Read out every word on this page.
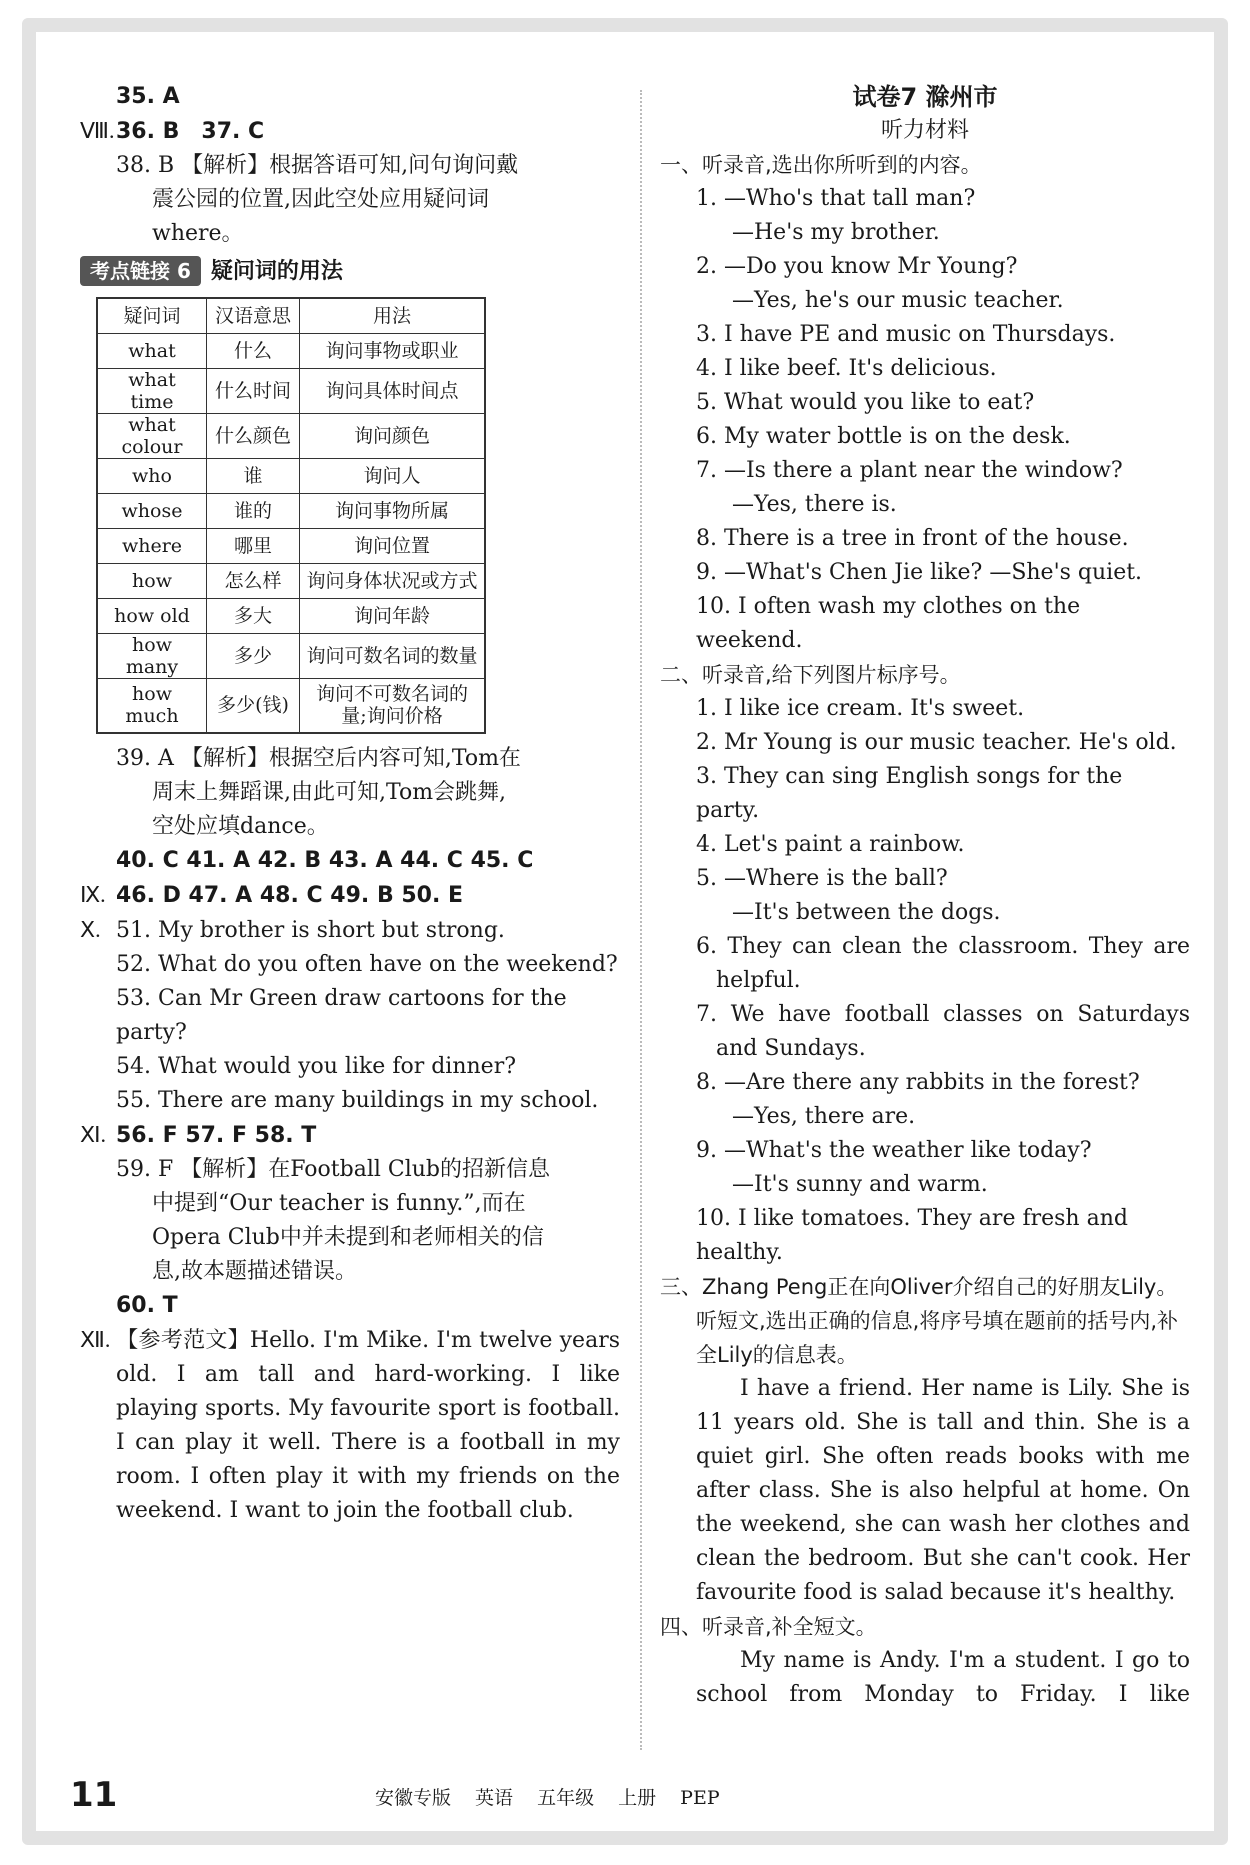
35. A
Ⅷ.36. B 37. C
38. B 【解析】根据答语可知,问句询问戴
震公园的位置,因此空处应用疑问词
where。
考点链接 6 疑问词的用法
疑问词	汉语意思	用法
what	什么	询问事物或职业
what time	什么时间	询问具体时间点
what colour	什么颜色	询问颜色
who	谁	询问人
whose	谁的	询问事物所属
where	哪里	询问位置
how	怎么样	询问身体状况或方式
how old	多大	询问年龄
how many	多少	询问可数名词的数量
how much	多少(钱)	询问不可数名词的量;询问价格
39. A 【解析】根据空后内容可知,Tom在
周末上舞蹈课,由此可知,Tom会跳舞,
空处应填dance。
40. C 41. A 42. B 43. A 44. C 45. C
Ⅸ. 46. D 47. A 48. C 49. B 50. E
Ⅹ. 51. My brother is short but strong.
52. What do you often have on the weekend?
53. Can Mr Green draw cartoons for the party?
54. What would you like for dinner?
55. There are many buildings in my school.
Ⅺ. 56. F 57. F 58. T
59. F 【解析】在Football Club的招新信息
中提到“Our teacher is funny.”,而在
Opera Club中并未提到和老师相关的信
息,故本题描述错误。
60. T
Ⅻ. 【参考范文】Hello. I'm Mike. I'm twelve years old. I am tall and hard-working. I like playing sports. My favourite sport is football. I can play it well. There is a football in my room. I often play it with my friends on the weekend. I want to join the football club.
试卷7 滁州市
听力材料
一、听录音,选出你所听到的内容。
1. —Who's that tall man?
—He's my brother.
2. —Do you know Mr Young?
—Yes, he's our music teacher.
3. I have PE and music on Thursdays.
4. I like beef. It's delicious.
5. What would you like to eat?
6. My water bottle is on the desk.
7. —Is there a plant near the window?
—Yes, there is.
8. There is a tree in front of the house.
9. —What's Chen Jie like? —She's quiet.
10. I often wash my clothes on the weekend.
二、听录音,给下列图片标序号。
1. I like ice cream. It's sweet.
2. Mr Young is our music teacher. He's old.
3. They can sing English songs for the party.
4. Let's paint a rainbow.
5. —Where is the ball?
—It's between the dogs.
6. They can clean the classroom. They are helpful.
7. We have football classes on Saturdays and Sundays.
8. —Are there any rabbits in the forest?
—Yes, there are.
9. —What's the weather like today?
—It's sunny and warm.
10. I like tomatoes. They are fresh and healthy.
三、Zhang Peng正在向Oliver介绍自己的好朋友Lily。听短文,选出正确的信息,将序号填在题前的括号内,补全Lily的信息表。
I have a friend. Her name is Lily. She is 11 years old. She is tall and thin. She is a quiet girl. She often reads books with me after class. She is also helpful at home. On the weekend, she can wash her clothes and clean the bedroom. But she can't cook. Her favourite food is salad because it's healthy.
四、听录音,补全短文。
My name is Andy. I'm a student. I go to school from Monday to Friday. I like
11	安徽专版 英语 五年级 上册 PEP
